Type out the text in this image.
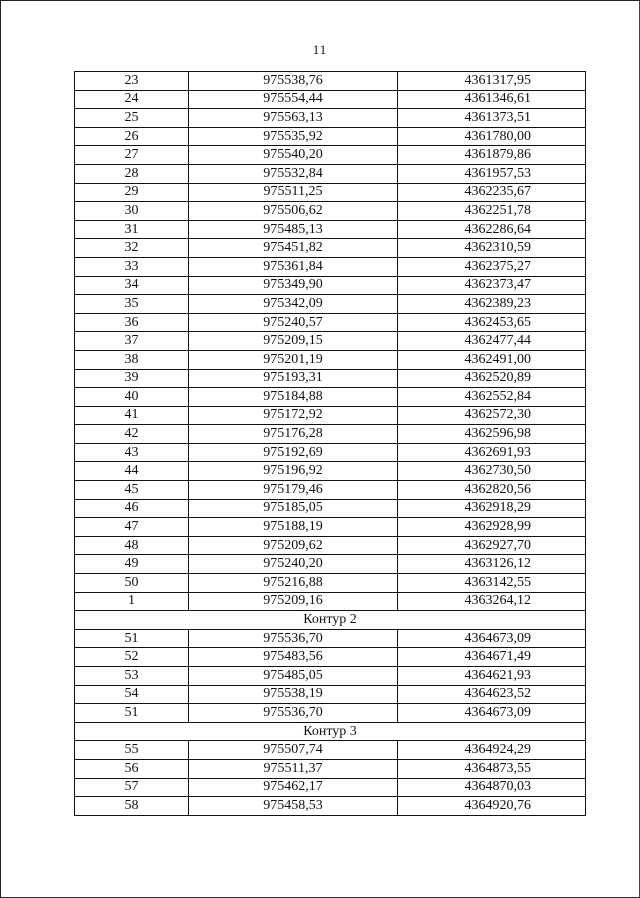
11
23	975538,76	4361317,95
24	975554,44	4361346,61
25	975563,13	4361373,51
26	975535,92	4361780,00
27	975540,20	4361879,86
28	975532,84	4361957,53
29	975511,25	4362235,67
30	975506,62	4362251,78
31	975485,13	4362286,64
32	975451,82	4362310,59
33	975361,84	4362375,27
34	975349,90	4362373,47
35	975342,09	4362389,23
36	975240,57	4362453,65
37	975209,15	4362477,44
38	975201,19	4362491,00
39	975193,31	4362520,89
40	975184,88	4362552,84
41	975172,92	4362572,30
42	975176,28	4362596,98
43	975192,69	4362691,93
44	975196,92	4362730,50
45	975179,46	4362820,56
46	975185,05	4362918,29
47	975188,19	4362928,99
48	975209,62	4362927,70
49	975240,20	4363126,12
50	975216,88	4363142,55
1	975209,16	4363264,12
Контур 2		
51	975536,70	4364673,09
52	975483,56	4364671,49
53	975485,05	4364621,93
54	975538,19	4364623,52
51	975536,70	4364673,09
Контур 3		
55	975507,74	4364924,29
56	975511,37	4364873,55
57	975462,17	4364870,03
58	975458,53	4364920,76
